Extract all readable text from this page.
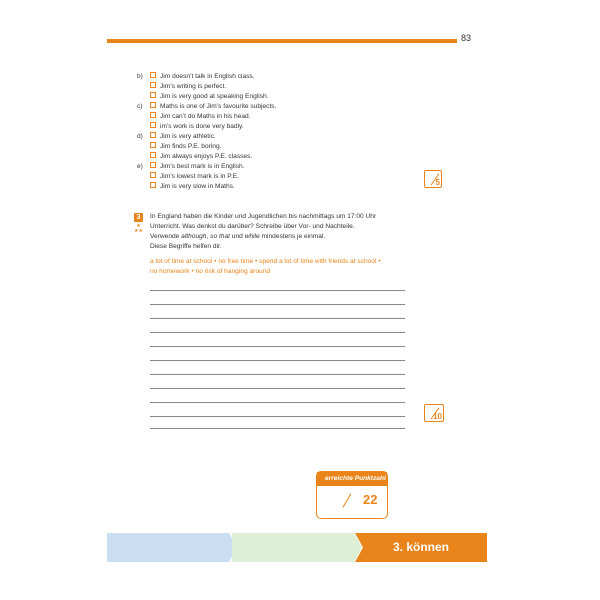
83
b)	Jim doesn’t talk in English class.
Jim’s writing is perfect.
Jim is very good at speaking English.
c)	Maths is one of Jim’s favourite subjects.
Jim can’t do Maths in his head.
im’s work is done very badly.
d)	Jim is very athletic.
Jim finds P.E. boring.
Jim always enjoys P.E. classes.
e)	Jim’s best mark is in English.
Jim’s lowest mark is in P.E.
Jim is very slow in Maths.	5
3
★
★★
In England haben die Kinder und Jugendlichen bis nachmittags um 17:00 Uhr
Unterricht. Was denkst du darüber? Schreibe über Vor- und Nachteile.
Verwende although, so that und while mindestens je einmal.
Diese Begriffe helfen dir.
a lot of time at school • no free time • spend a lot of time with friends at school •
no homework • no risk of hanging around
10
erreichte Punktzahl
22
3. können
